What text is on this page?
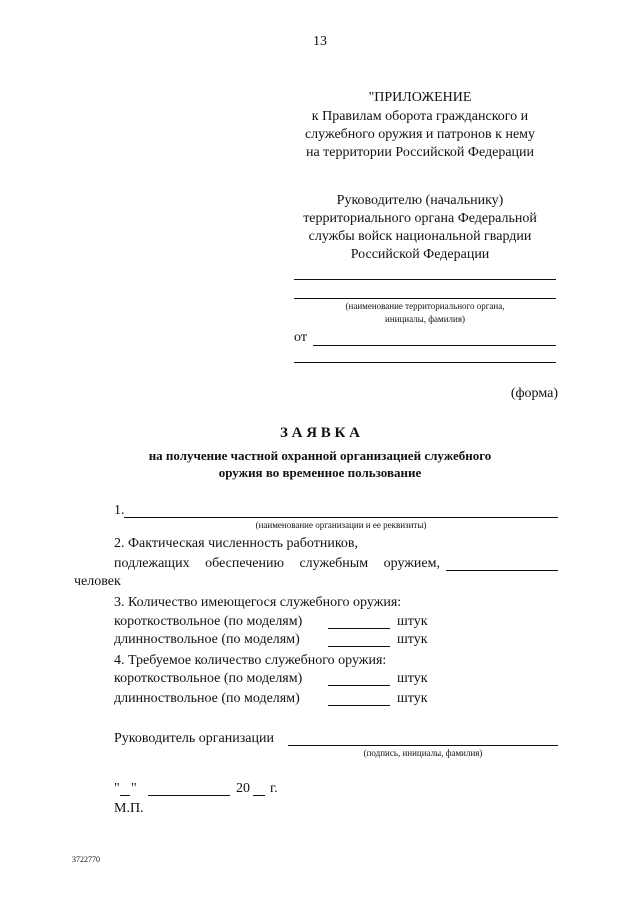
13
"ПРИЛОЖЕНИЕ
к Правилам оборота гражданского и
служебного оружия и патронов к нему
на территории Российской Федерации
Руководителю (начальнику)
территориального органа Федеральной
службы войск национальной гвардии
Российской Федерации
(наименование территориального органа,
инициалы, фамилия)
от
(форма)
З А Я В К А
на получение частной охранной организацией служебного
оружия во временное пользование
1.
(наименование организации и ее реквизиты)
2. Фактическая численность работников,
подлежащих обеспечению служебным оружием,
человек
3. Количество имеющегося служебного оружия:
короткоствольное (по моделям)	штук
длинноствольное (по моделям)	штук
4. Требуемое количество служебного оружия:
короткоствольное (по моделям)	штук
длинноствольное (по моделям)	штук
Руководитель организации
(подпись, инициалы, фамилия)
" "	20 г.
М.П.
3722770
